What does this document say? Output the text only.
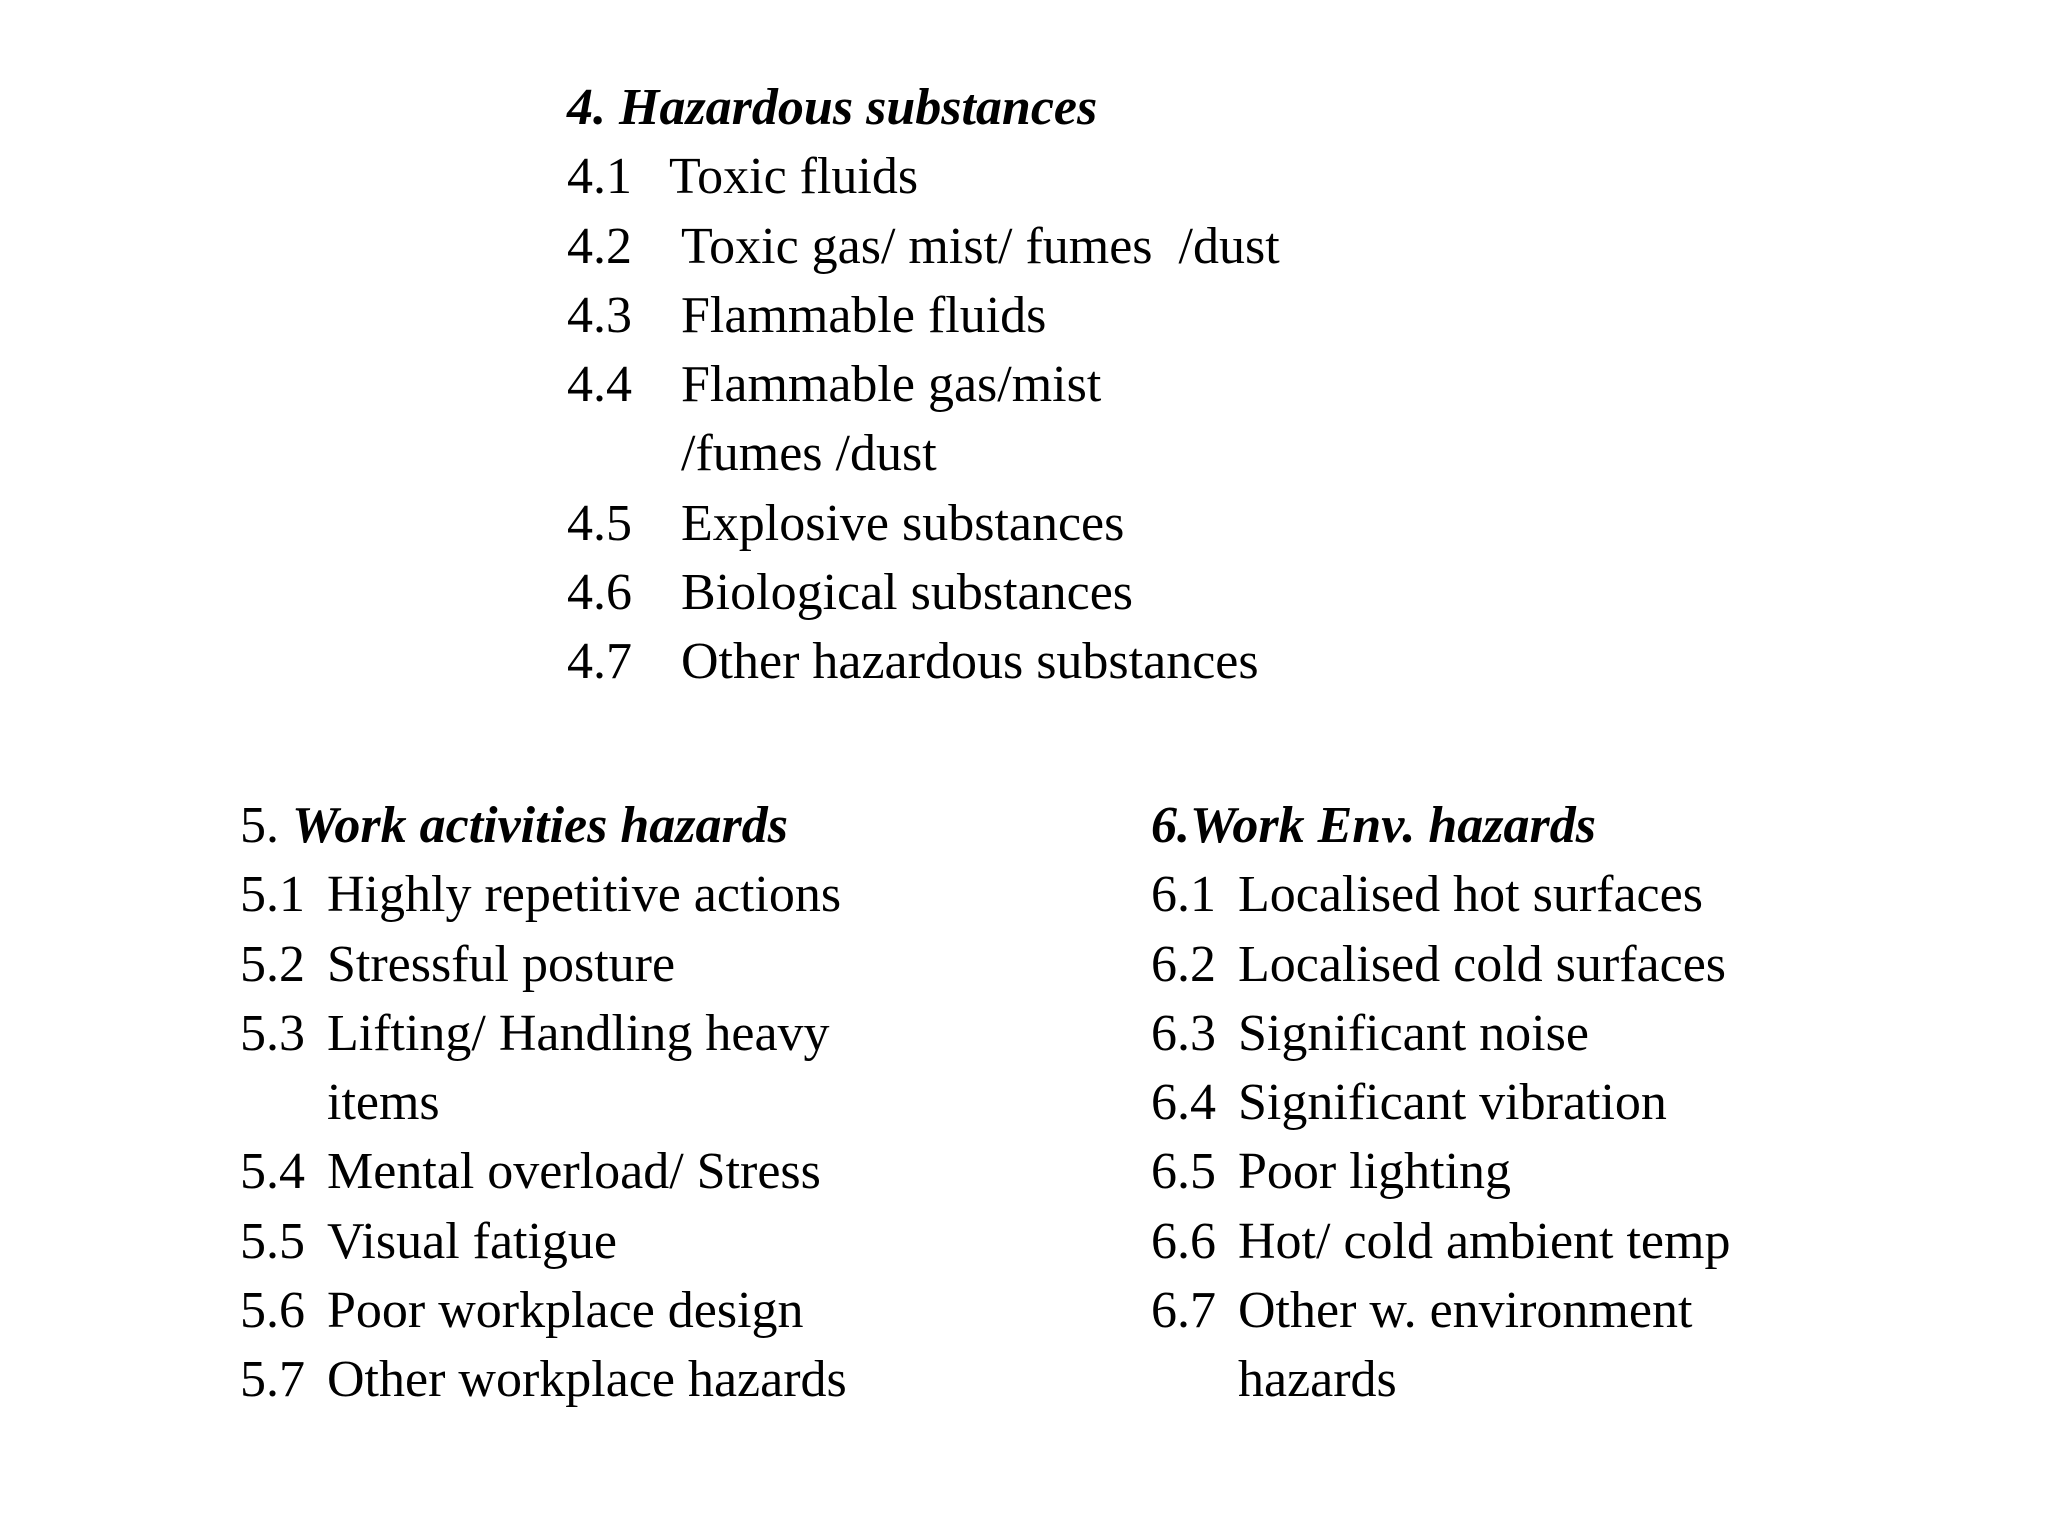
4. Hazardous substances
4.1 Toxic fluids
4.2 Toxic gas/ mist/ fumes  /dust
4.3 Flammable fluids
4.4 Flammable gas/mist
/fumes /dust
4.5 Explosive substances
4.6 Biological substances
4.7 Other hazardous substances
5. Work activities hazards
5.1 Highly repetitive actions
5.2 Stressful posture
5.3 Lifting/ Handling heavy
items
5.4 Mental overload/ Stress
5.5 Visual fatigue
5.6 Poor workplace design
5.7 Other workplace hazards
6.Work Env. hazards
6.1 Localised hot surfaces
6.2 Localised cold surfaces
6.3 Significant noise
6.4 Significant vibration
6.5 Poor lighting
6.6 Hot/ cold ambient temp
6.7 Other w. environment
hazards
